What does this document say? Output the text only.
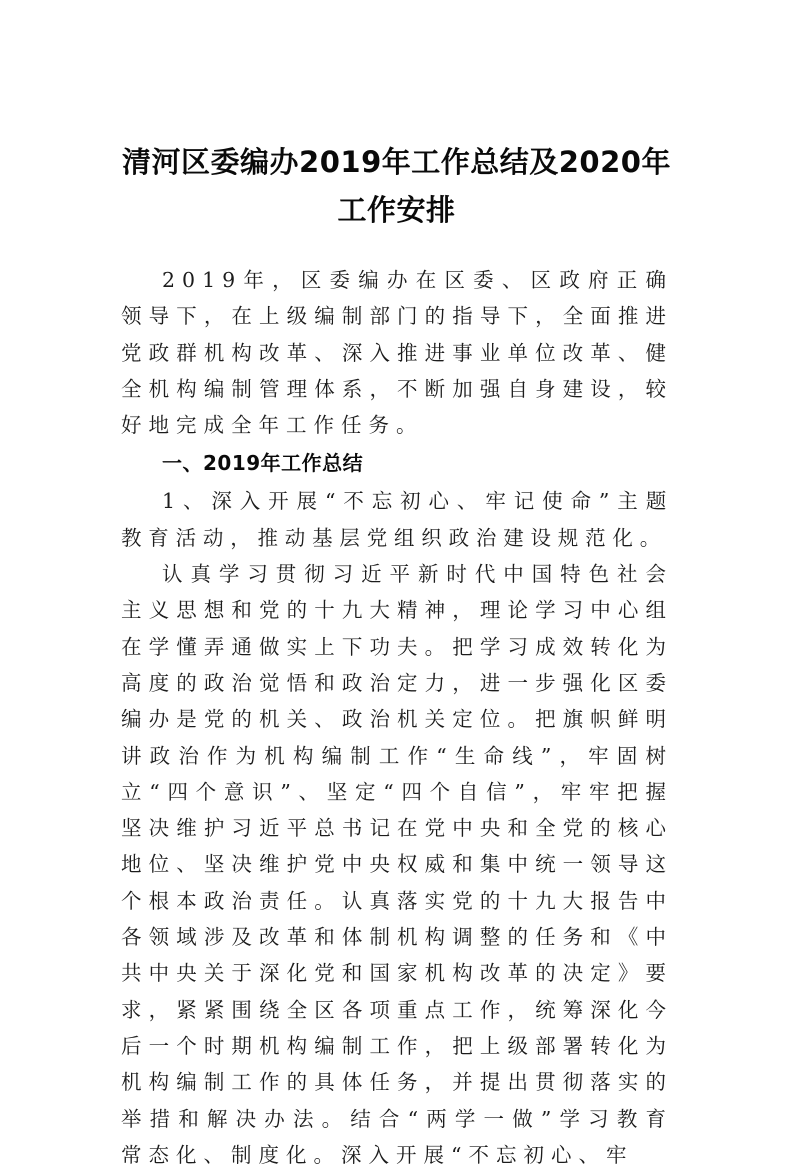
清河区委编办2019年工作总结及2020年工作安排

2019年，区委编办在区委、区政府正确领导下，在上级编制部门的指导下，全面推进党政群机构改革、深入推进事业单位改革、健全机构编制管理体系，不断加强自身建设，较好地完成全年工作任务。

一、2019年工作总结

1、深入开展“不忘初心、牢记使命”主题教育活动，推动基层党组织政治建设规范化。

认真学习贯彻习近平新时代中国特色社会主义思想和党的十九大精神，理论学习中心组在学懂弄通做实上下功夫。把学习成效转化为高度的政治觉悟和政治定力，进一步强化区委编办是党的机关、政治机关定位。把旗帜鲜明讲政治作为机构编制工作“生命线”，牢固树立“四个意识”、坚定“四个自信”，牢牢把握坚决维护习近平总书记在党中央和全党的核心地位、坚决维护党中央权威和集中统一领导这个根本政治责任。认真落实党的十九大报告中各领域涉及改革和体制机构调整的任务和《中共中央关于深化党和国家机构改革的决定》要求，紧紧围绕全区各项重点工作，统筹深化今后一个时期机构编制工作，把上级部署转化为机构编制工作的具体任务，并提出贯彻落实的举措和解决办法。结合“两学一做”学习教育常态化、制度化。深入开展“不忘初心、牢
